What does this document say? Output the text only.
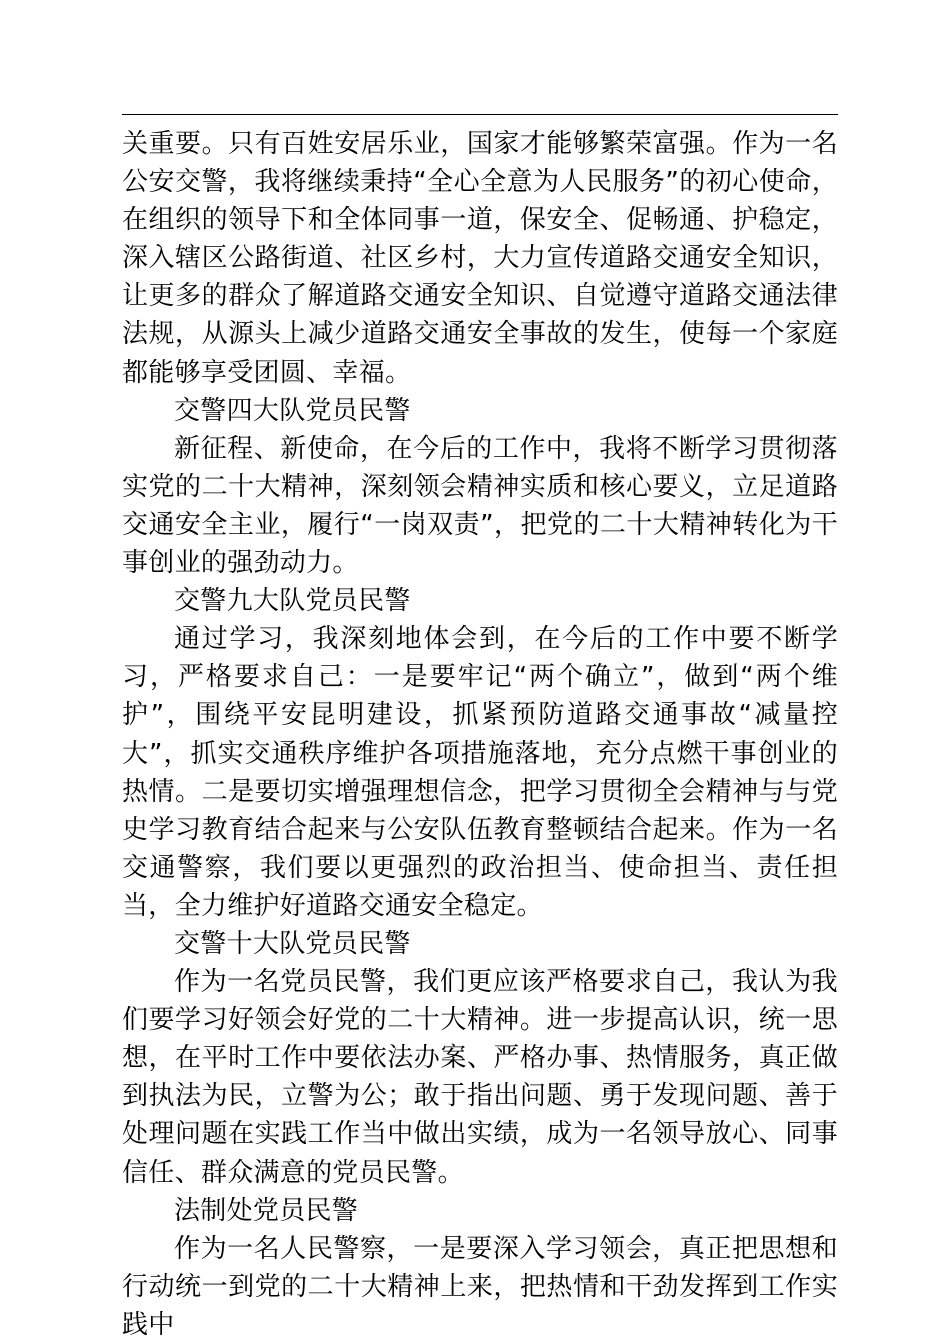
关重要。只有百姓安居乐业，国家才能够繁荣富强。作为一名公安交警，我将继续秉持“全心全意为人民服务”的初心使命，在组织的领导下和全体同事一道，保安全、促畅通、护稳定，深入辖区公路街道、社区乡村，大力宣传道路交通安全知识，让更多的群众了解道路交通安全知识、自觉遵守道路交通法律法规，从源头上减少道路交通安全事故的发生，使每一个家庭都能够享受团圆、幸福。

交警四大队党员民警

新征程、新使命，在今后的工作中，我将不断学习贯彻落实党的二十大精神，深刻领会精神实质和核心要义，立足道路交通安全主业，履行“一岗双责”，把党的二十大精神转化为干事创业的强劲动力。

交警九大队党员民警

通过学习，我深刻地体会到，在今后的工作中要不断学习，严格要求自己：一是要牢记“两个确立”，做到“两个维护”，围绕平安昆明建设，抓紧预防道路交通事故“减量控大”，抓实交通秩序维护各项措施落地，充分点燃干事创业的热情。二是要切实增强理想信念，把学习贯彻全会精神与与党史学习教育结合起来与公安队伍教育整顿结合起来。作为一名交通警察，我们要以更强烈的政治担当、使命担当、责任担当，全力维护好道路交通安全稳定。

交警十大队党员民警

作为一名党员民警，我们更应该严格要求自己，我认为我们要学习好领会好党的二十大精神。进一步提高认识，统一思想，在平时工作中要依法办案、严格办事、热情服务，真正做到执法为民，立警为公；敢于指出问题、勇于发现问题、善于处理问题在实践工作当中做出实绩，成为一名领导放心、同事信任、群众满意的党员民警。

法制处党员民警

作为一名人民警察，一是要深入学习领会，真正把思想和行动统一到党的二十大精神上来，把热情和干劲发挥到工作实践中
